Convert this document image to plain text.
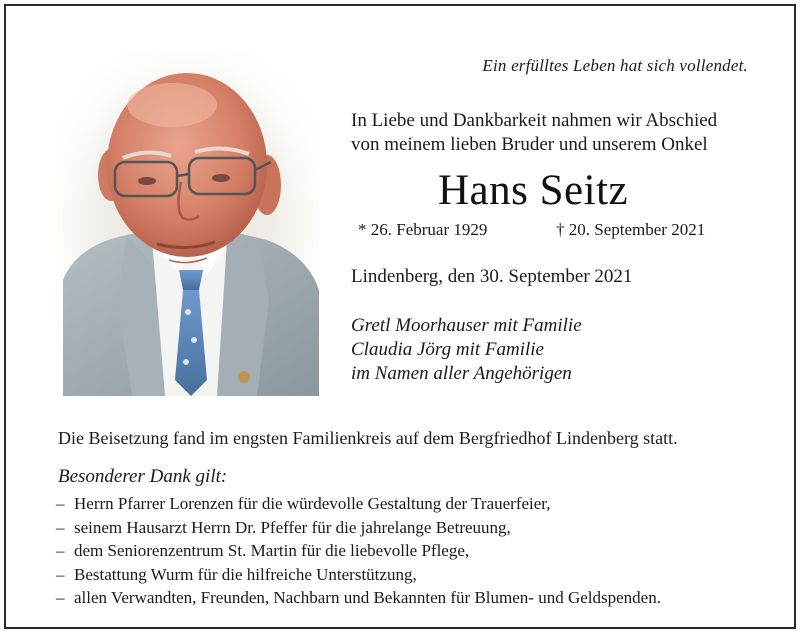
Ein erfülltes Leben hat sich vollendet.

In Liebe und Dankbarkeit nahmen wir Abschied

von meinem lieben Bruder und unserem Onkel

Hans Seitz

* 26. Februar 1929	† 20. September 2021

Lindenberg, den 30. September 2021

Gretl Moorhauser mit Familie

Claudia Jörg mit Familie

im Namen aller Angehörigen

Die Beisetzung fand im engsten Familienkreis auf dem Bergfriedhof Lindenberg statt.

Besonderer Dank gilt:

– Herrn Pfarrer Lorenzen für die würdevolle Gestaltung der Trauerfeier,
– seinem Hausarzt Herrn Dr. Pfeffer für die jahrelange Betreuung,
– dem Seniorenzentrum St. Martin für die liebevolle Pflege,
– Bestattung Wurm für die hilfreiche Unterstützung,
– allen Verwandten, Freunden, Nachbarn und Bekannten für Blumen- und Geldspenden.
